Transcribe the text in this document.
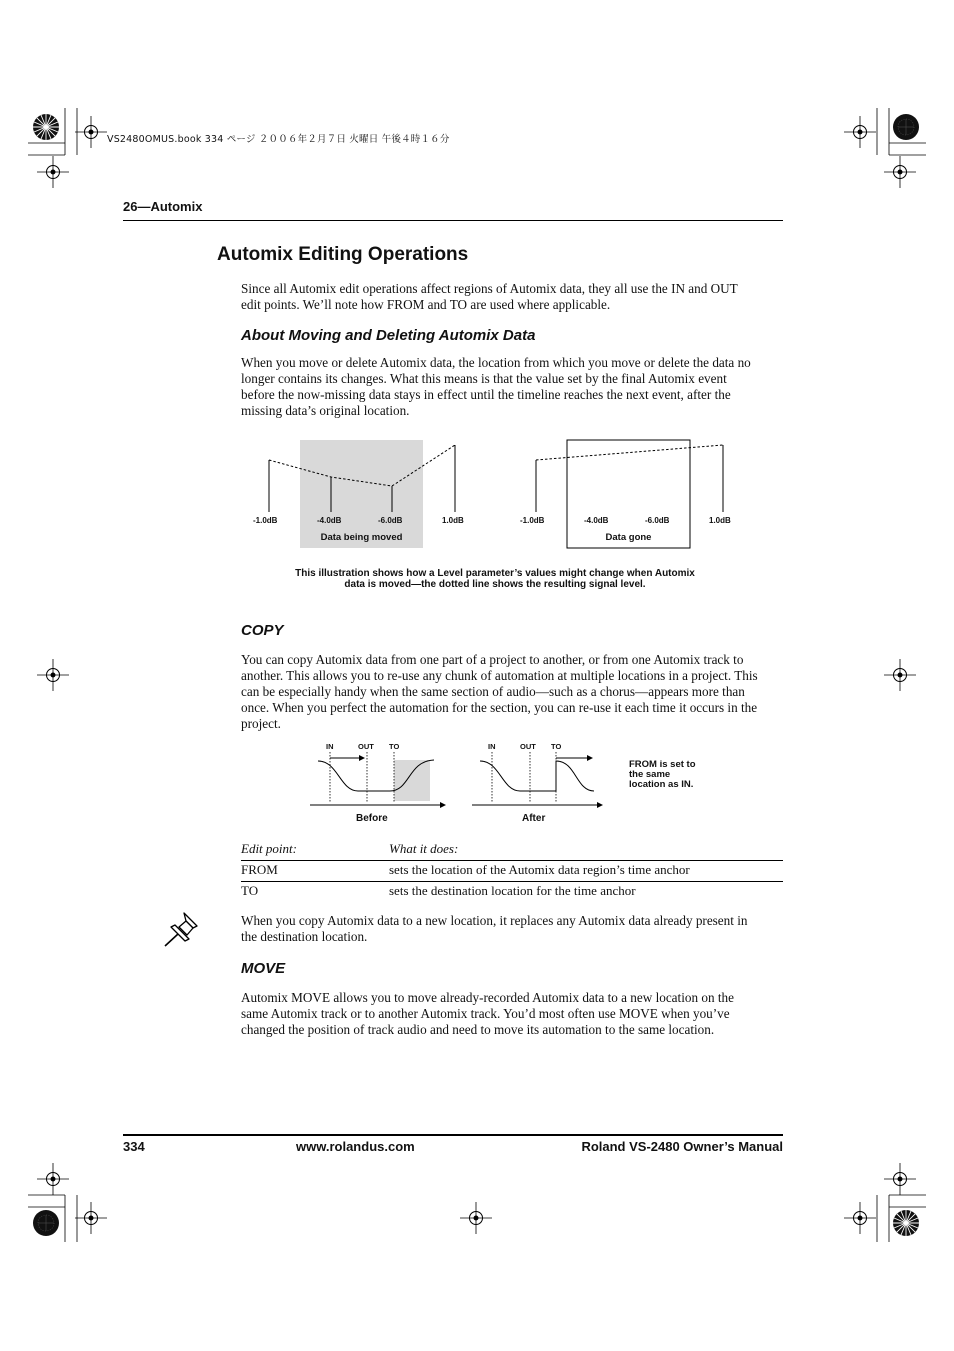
VS2480OMUS.book 334 ページ ２００６年２月７日 火曜日 午後４時１６分
26—Automix
Automix Editing Operations

Since all Automix edit operations affect regions of Automix data, they all use the IN and OUT edit points. We’ll note how FROM and TO are used where applicable.

About Moving and Deleting Automix Data

When you move or delete Automix data, the location from which you move or delete the data no longer contains its changes. What this means is that the value set by the final Automix event before the now-missing data stays in effect until the timeline reaches the next event, after the missing data’s original location.

-1.0dB	-4.0dB	-6.0dB	1.0dB
Data being moved
-1.0dB	-4.0dB	-6.0dB	1.0dB
Data gone
This illustration shows how a Level parameter’s values might change when Automix
data is moved—the dotted line shows the resulting signal level.
COPY

You can copy Automix data from one part of a project to another, or from one Automix track to another. This allows you to re-use any chunk of automation at multiple locations in a project. This can be especially handy when the same section of audio—such as a chorus—appears more than once. When you perfect the automation for the section, you can re-use it each time it occurs in the project.

IN	OUT TO	IN	OUT TO
Before	After
FROM is set to
the same
location as IN.
Edit point:	What it does:
FROM	sets the location of the Automix data region’s time anchor
TO	sets the destination location for the time anchor

When you copy Automix data to a new location, it replaces any Automix data already present in the destination location.

MOVE

Automix MOVE allows you to move already-recorded Automix data to a new location on the same Automix track or to another Automix track. You’d most often use MOVE when you’ve changed the position of track audio and need to move its automation to the same location.

334	www.rolandus.com	Roland VS-2480 Owner’s Manual
